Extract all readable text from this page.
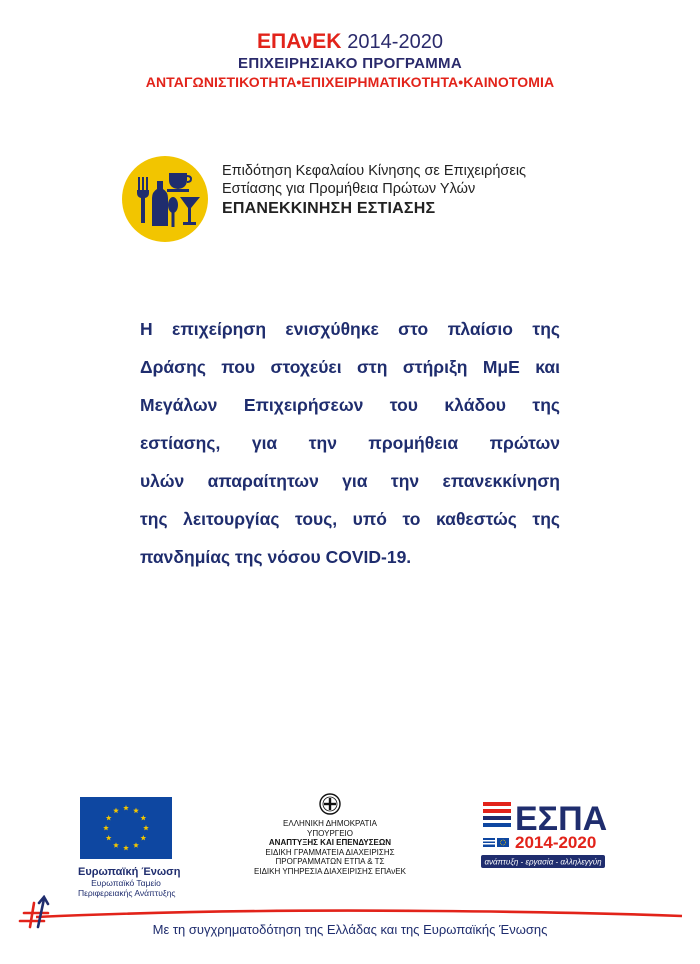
ΕΠΑνΕΚ 2014-2020
ΕΠΙΧΕΙΡΗΣΙΑΚΟ ΠΡΟΓΡΑΜΜΑ
ΑΝΤΑΓΩΝΙΣΤΙΚΟΤΗΤΑ•ΕΠΙΧΕΙΡΗΜΑΤΙΚΟΤΗΤΑ•ΚΑΙΝΟΤΟΜΙΑ
Επιδότηση Κεφαλαίου Κίνησης σε Επιχειρήσεις
Εστίασης για Προμήθεια Πρώτων Υλών
ΕΠΑΝΕΚΚΙΝΗΣΗ ΕΣΤΙΑΣΗΣ
Η επιχείρηση ενισχύθηκε στο πλαίσιο της
Δράσης που στοχεύει στη στήριξη ΜμΕ και
Μεγάλων Επιχειρήσεων του κλάδου της
εστίασης, για την προμήθεια πρώτων
υλών απαραίτητων για την επανεκκίνηση
της λειτουργίας τους, υπό το καθεστώς της
πανδημίας της νόσου COVID-19.
Ευρωπαϊκή Ένωση
Ευρωπαϊκό Ταμείο
Περιφερειακής Ανάπτυξης
ΕΛΛΗΝΙΚΗ ΔΗΜΟΚΡΑΤΙΑ
ΥΠΟΥΡΓΕΙΟ
ΑΝΑΠΤΥΞΗΣ ΚΑΙ ΕΠΕΝΔΥΣΕΩΝ
ΕΙΔΙΚΗ ΓΡΑΜΜΑΤΕΙΑ ΔΙΑΧΕΙΡΙΣΗΣ
ΠΡΟΓΡΑΜΜΑΤΩΝ ΕΤΠΑ & ΤΣ
ΕΙΔΙΚΗ ΥΠΗΡΕΣΙΑ ΔΙΑΧΕΙΡΙΣΗΣ ΕΠΑνΕΚ
ΕΣΠΑ
2014-2020
ανάπτυξη - εργασία - αλληλεγγύη
Με τη συγχρηματοδότηση της Ελλάδας και της Ευρωπαϊκής Ένωσης
